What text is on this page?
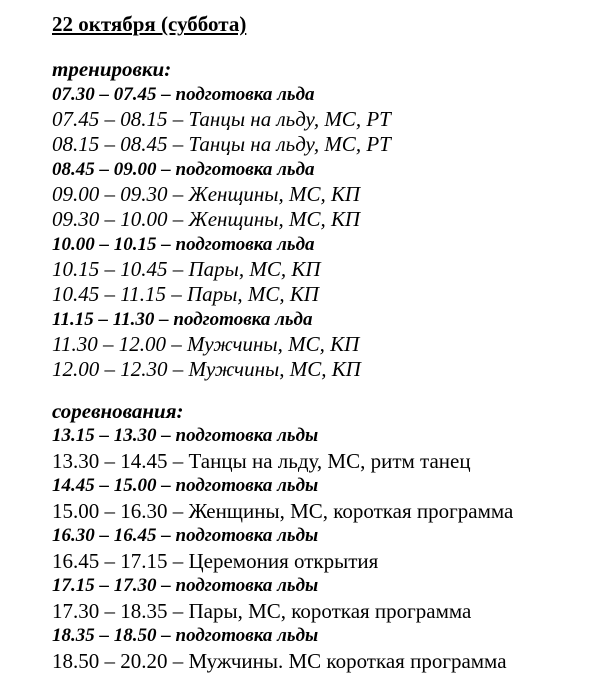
22 октября (суббота)
тренировки:
07.30 – 07.45 – подготовка льда
07.45 – 08.15 – Танцы на льду, МС, РТ
08.15 – 08.45 – Танцы на льду, МС, РТ
08.45 – 09.00 – подготовка льда
09.00 – 09.30 – Женщины, МС, КП
09.30 – 10.00 – Женщины, МС, КП
10.00 – 10.15 – подготовка льда
10.15 – 10.45 – Пары, МС, КП
10.45 – 11.15 – Пары, МС, КП
11.15 – 11.30 – подготовка льда
11.30 – 12.00 – Мужчины, МС, КП
12.00 – 12.30 – Мужчины, МС, КП
соревнования:
13.15 – 13.30 – подготовка льды
13.30 – 14.45 – Танцы на льду, МС, ритм танец
14.45 – 15.00 – подготовка льды
15.00 – 16.30 – Женщины, МС, короткая программа
16.30 – 16.45 – подготовка льды
16.45 – 17.15 – Церемония открытия
17.15 – 17.30 – подготовка льды
17.30 – 18.35 – Пары, МС, короткая программа
18.35 – 18.50 – подготовка льды
18.50 – 20.20 – Мужчины. МС короткая программа
